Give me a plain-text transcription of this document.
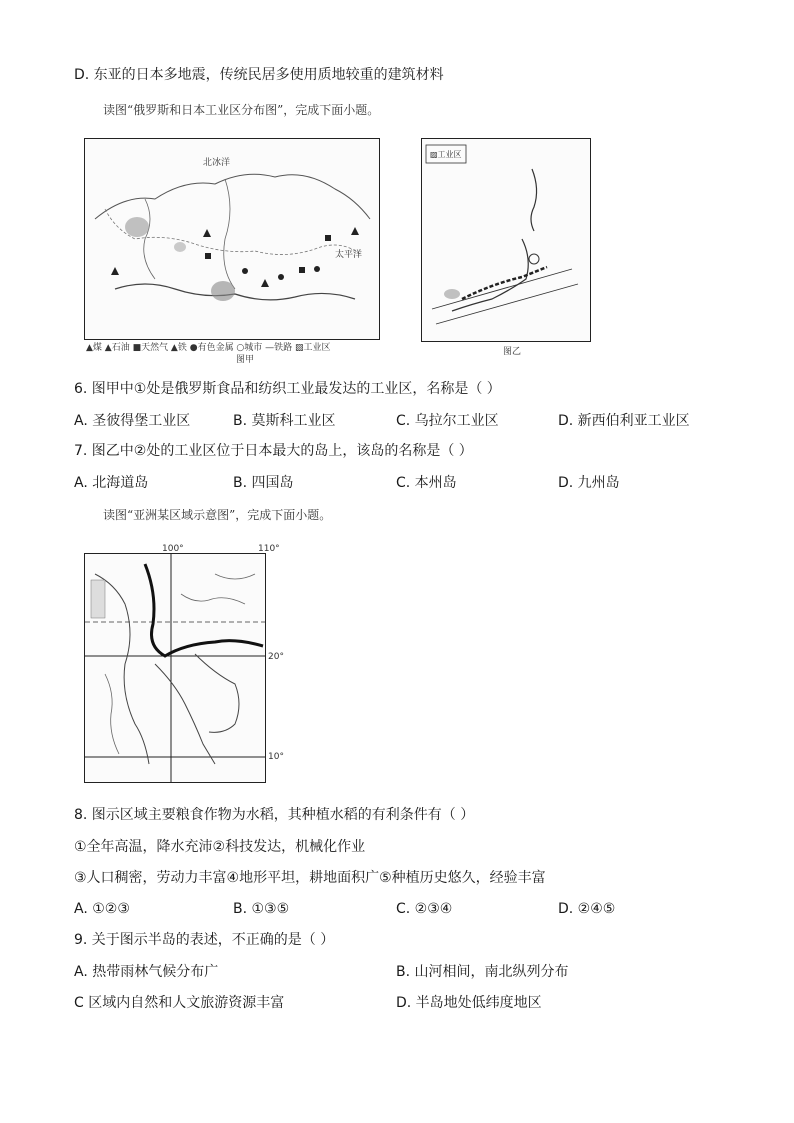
D. 东亚的日本多地震，传统民居多使用质地较重的建筑材料
读图“俄罗斯和日本工业区分布图”，完成下面小题。
北冰洋
太平洋
▲煤 ▲石油 ■天然气 ▲铁 ●有色金属 ○城市 —铁路 ▨工业区
图甲
▨工业区
图乙
6. 图甲中①处是俄罗斯食品和纺织工业最发达的工业区，名称是（ ）
A. 圣彼得堡工业区	B. 莫斯科工业区	C. 乌拉尔工业区	D. 新西伯利亚工业区
7. 图乙中②处的工业区位于日本最大的岛上，该岛的名称是（ ）
A. 北海道岛	B. 四国岛	C. 本州岛	D. 九州岛
读图“亚洲某区域示意图”，完成下面小题。
100°	110°
20°
10°
8. 图示区域主要粮食作物为水稻，其种植水稻的有利条件有（ ）
①全年高温，降水充沛②科技发达，机械化作业
③人口稠密，劳动力丰富④地形平坦，耕地面积广⑤种植历史悠久，经验丰富
A. ①②③	B. ①③⑤	C. ②③④	D. ②④⑤
9. 关于图示半岛的表述，不正确的是（ ）
A. 热带雨林气候分布广	B. 山河相间，南北纵列分布
C 区域内自然和人文旅游资源丰富	D. 半岛地处低纬度地区
